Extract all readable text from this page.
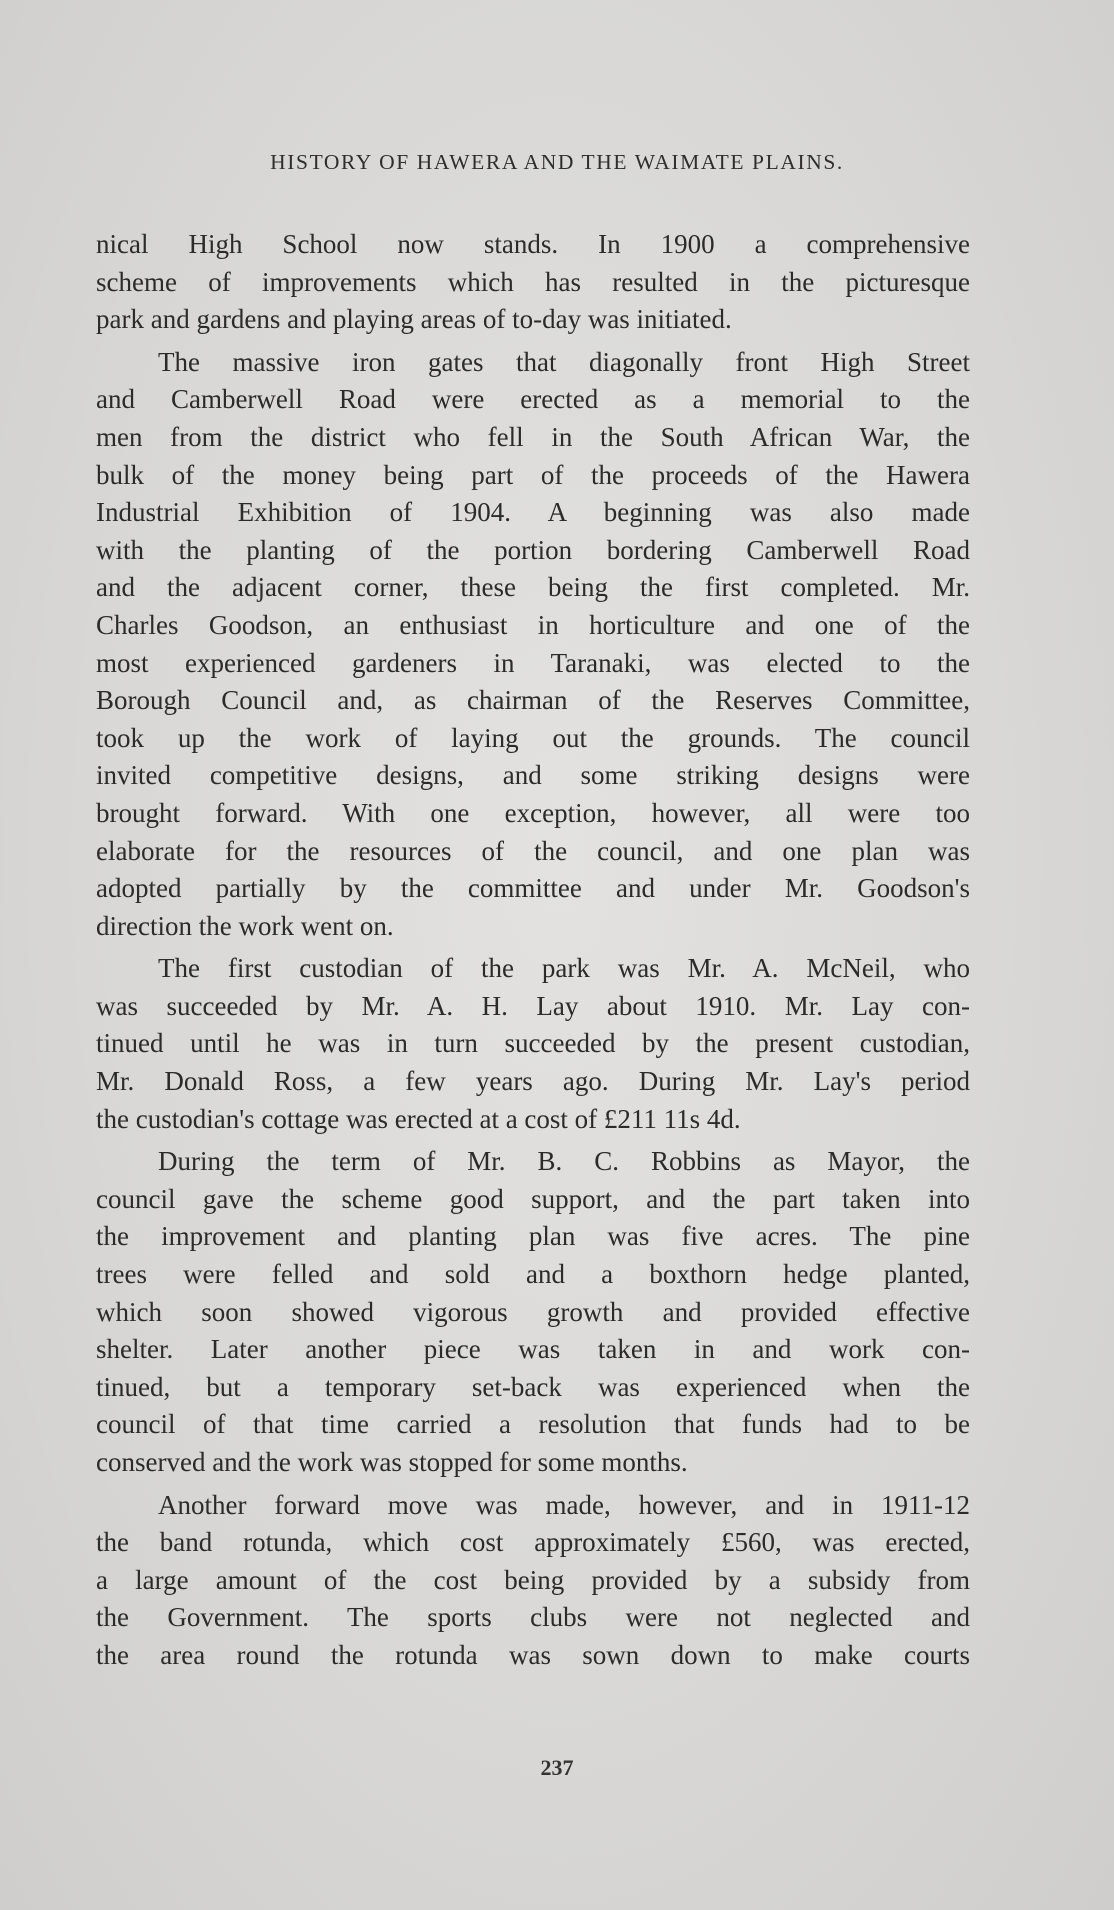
HISTORY OF HAWERA AND THE WAIMATE PLAINS.

nical High School now stands. In 1900 a comprehensive
scheme of improvements which has resulted in the picturesque
park and gardens and playing areas of to-day was initiated.

The massive iron gates that diagonally front High Street
and Camberwell Road were erected as a memorial to the
men from the district who fell in the South African War, the
bulk of the money being part of the proceeds of the Hawera
Industrial Exhibition of 1904. A beginning was also made
with the planting of the portion bordering Camberwell Road
and the adjacent corner, these being the first completed. Mr.
Charles Goodson, an enthusiast in horticulture and one of the
most experienced gardeners in Taranaki, was elected to the
Borough Council and, as chairman of the Reserves Committee,
took up the work of laying out the grounds. The council
invited competitive designs, and some striking designs were
brought forward. With one exception, however, all were too
elaborate for the resources of the council, and one plan was
adopted partially by the committee and under Mr. Goodson's
direction the work went on.

The first custodian of the park was Mr. A. McNeil, who
was succeeded by Mr. A. H. Lay about 1910. Mr. Lay con-
tinued until he was in turn succeeded by the present custodian,
Mr. Donald Ross, a few years ago. During Mr. Lay's period
the custodian's cottage was erected at a cost of £211 11s 4d.

During the term of Mr. B. C. Robbins as Mayor, the
council gave the scheme good support, and the part taken into
the improvement and planting plan was five acres. The pine
trees were felled and sold and a boxthorn hedge planted,
which soon showed vigorous growth and provided effective
shelter. Later another piece was taken in and work con-
tinued, but a temporary set-back was experienced when the
council of that time carried a resolution that funds had to be
conserved and the work was stopped for some months.

Another forward move was made, however, and in 1911-12
the band rotunda, which cost approximately £560, was erected,
a large amount of the cost being provided by a subsidy from
the Government. The sports clubs were not neglected and
the area round the rotunda was sown down to make courts

237
